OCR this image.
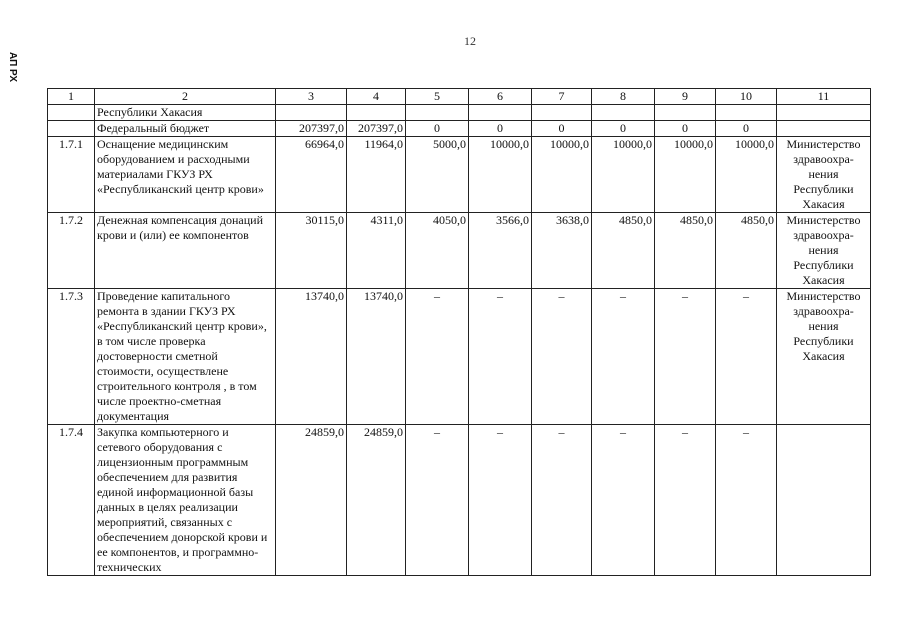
12
АП РХ
1	2	3	4	5	6	7	8	9	10	11
	Республики Хакасия									
	Федеральный бюджет	207397,0	207397,0	0	0	0	0	0	0	
1.7.1	Оснащение медицинским оборудованием и расходными материалами ГКУЗ РХ «Республиканский центр крови»	66964,0	11964,0	5000,0	10000,0	10000,0	10000,0	10000,0	10000,0	Министерство здравоохра-нения Республики Хакасия
1.7.2	Денежная компенсация донаций крови и (или) ее компонентов	30115,0	4311,0	4050,0	3566,0	3638,0	4850,0	4850,0	4850,0	Министерство здравоохра-нения Республики Хакасия
1.7.3	Проведение капитального ремонта в здании ГКУЗ РХ «Республиканский центр крови», в том числе проверка достоверности сметной стоимости, осуществлене строительного контроля , в том числе проектно-сметная документация	13740,0	13740,0	–	–	–	–	–	–	Министерство здравоохра-нения Республики Хакасия
1.7.4	Закупка компьютерного и сетевого оборудования с лицензионным программным обеспечением для развития единой информационной базы данных в целях реализации мероприятий, связанных с обеспечением донорской крови и ее компонентов, и программно-технических	24859,0	24859,0	–	–	–	–	–	–	
